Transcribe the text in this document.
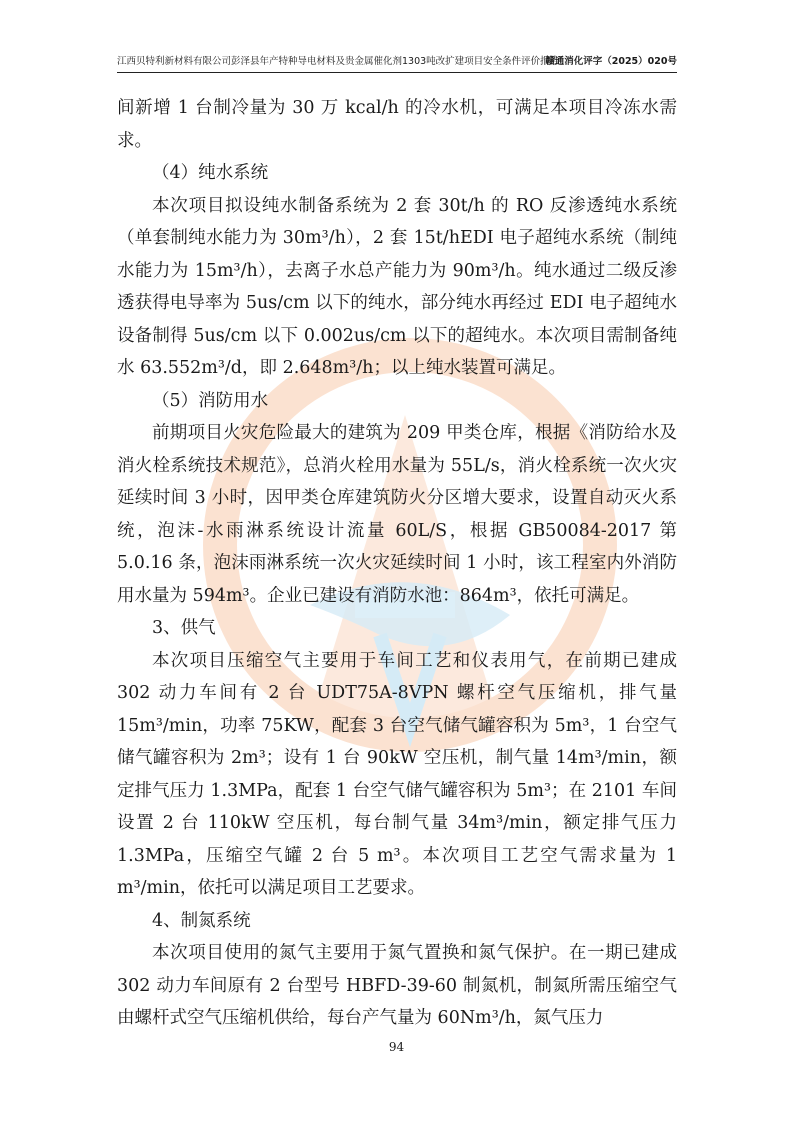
江西贝特利新材料有限公司彭泽县年产特种导电材料及贵金属催化剂1303吨改扩建项目安全条件评价报告
赣通消化评字（2025）020号

间新增 1 台制冷量为 30 万 kcal/h 的冷水机，可满足本项目冷冻水需求。

（4）纯水系统

本次项目拟设纯水制备系统为 2 套 30t/h 的 RO 反渗透纯水系统（单套制纯水能力为 30m³/h），2 套 15t/hEDI 电子超纯水系统（制纯水能力为 15m³/h），去离子水总产能力为 90m³/h。纯水通过二级反渗透获得电导率为 5us/cm 以下的纯水，部分纯水再经过 EDI 电子超纯水设备制得 5us/cm 以下 0.002us/cm 以下的超纯水。本次项目需制备纯水 63.552m³/d，即 2.648m³/h；以上纯水装置可满足。

（5）消防用水

前期项目火灾危险最大的建筑为 209 甲类仓库，根据《消防给水及消火栓系统技术规范》，总消火栓用水量为 55L/s，消火栓系统一次火灾延续时间 3 小时，因甲类仓库建筑防火分区增大要求，设置自动灭火系统，泡沫-水雨淋系统设计流量 60L/S，根据 GB50084-2017 第 5.0.16 条，泡沫雨淋系统一次火灾延续时间 1 小时，该工程室内外消防用水量为 594m³。企业已建设有消防水池：864m³，依托可满足。

3、供气

本次项目压缩空气主要用于车间工艺和仪表用气，在前期已建成 302 动力车间有 2 台 UDT75A-8VPN 螺杆空气压缩机，排气量 15m³/min，功率 75KW，配套 3 台空气储气罐容积为 5m³，1 台空气储气罐容积为 2m³；设有 1 台 90kW 空压机，制气量 14m³/min，额定排气压力 1.3MPa，配套 1 台空气储气罐容积为 5m³；在 2101 车间设置 2 台 110kW 空压机，每台制气量 34m³/min，额定排气压力 1.3MPa，压缩空气罐 2 台 5 m³。本次项目工艺空气需求量为 1 m³/min，依托可以满足项目工艺要求。

4、制氮系统

本次项目使用的氮气主要用于氮气置换和氮气保护。在一期已建成 302 动力车间原有 2 台型号 HBFD-39-60 制氮机，制氮所需压缩空气由螺杆式空气压缩机供给，每台产气量为 60Nm³/h，氮气压力

94
